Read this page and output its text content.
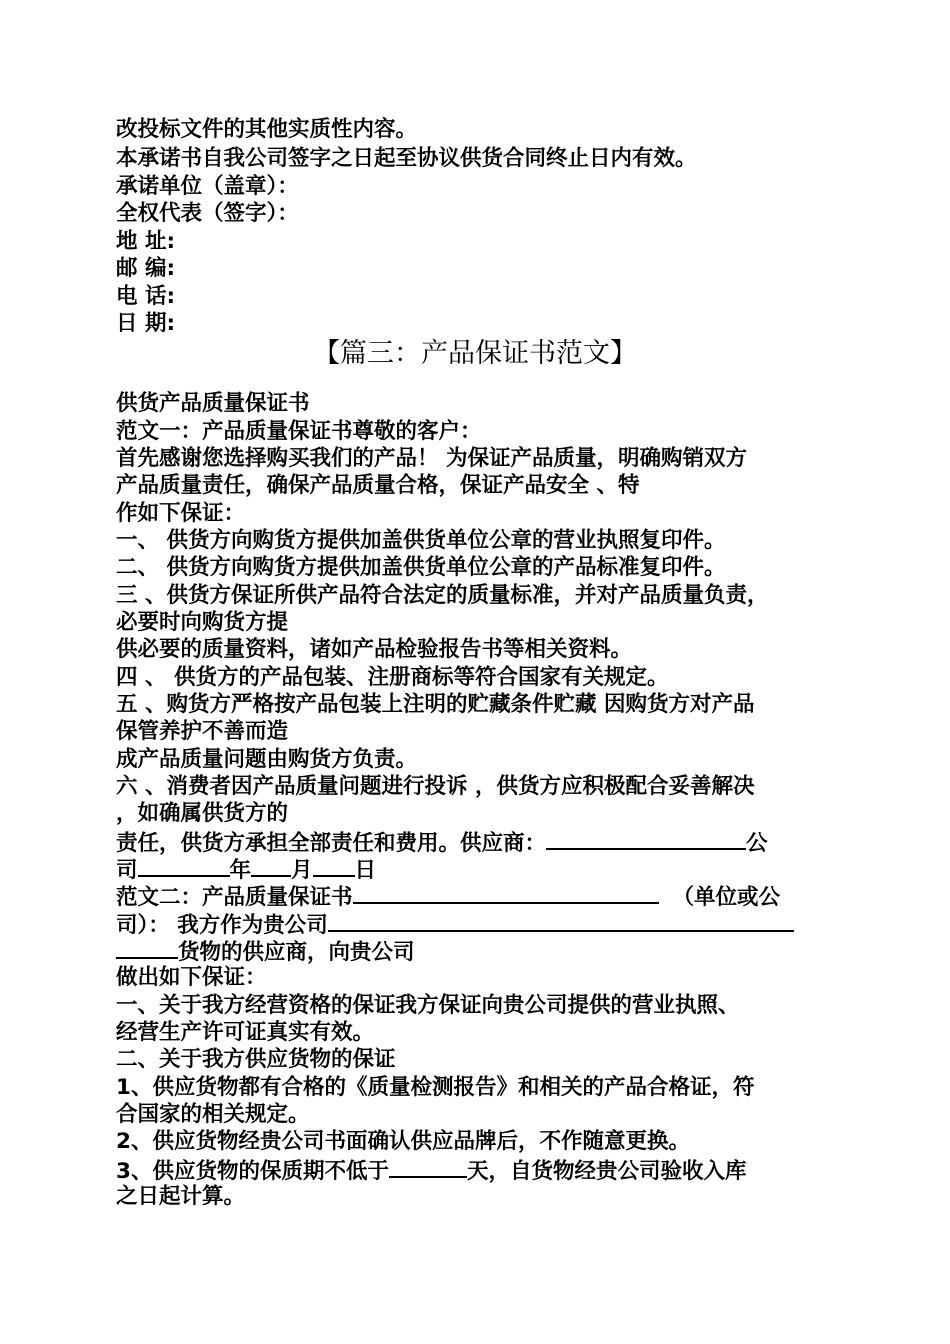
改投标文件的其他实质性内容。
本承诺书自我公司签字之日起至协议供货合同终止日内有效。
承诺单位（盖章）：
全权代表（签字）：
地 址:
邮 编:
电 话:
日 期:
【篇三：产品保证书范文】
供货产品质量保证书
范文一：产品质量保证书尊敬的客户：
首先感谢您选择购买我们的产品！ 为保证产品质量，明确购销双方
产品质量责任，确保产品质量合格，保证产品安全 、特
作如下保证：
一、 供货方向购货方提供加盖供货单位公章的营业执照复印件。
二、 供货方向购货方提供加盖供货单位公章的产品标准复印件。
三 、供货方保证所供产品符合法定的质量标准，并对产品质量负责，
必要时向购货方提
供必要的质量资料，诸如产品检验报告书等相关资料。
四 、 供货方的产品包装、注册商标等符合国家有关规定。
五 、购货方严格按产品包装上注明的贮藏条件贮藏 因购货方对产品
保管养护不善而造
成产品质量问题由购货方负责。
六 、消费者因产品质量问题进行投诉 ，供货方应积极配合妥善解决
，如确属供货方的
责任，供货方承担全部责任和费用。供应商：	公
司	年 月 日
范文二：产品质量保证书	（单位或公
司）： 我方作为贵公司
货物的供应商，向贵公司
做出如下保证：
一、关于我方经营资格的保证我方保证向贵公司提供的营业执照、
经营生产许可证真实有效。
二、关于我方供应货物的保证
1、供应货物都有合格的《质量检测报告》和相关的产品合格证，符
合国家的相关规定。
2、供应货物经贵公司书面确认供应品牌后，不作随意更换。
3、供应货物的保质期不低于	天，自货物经贵公司验收入库
之日起计算。
